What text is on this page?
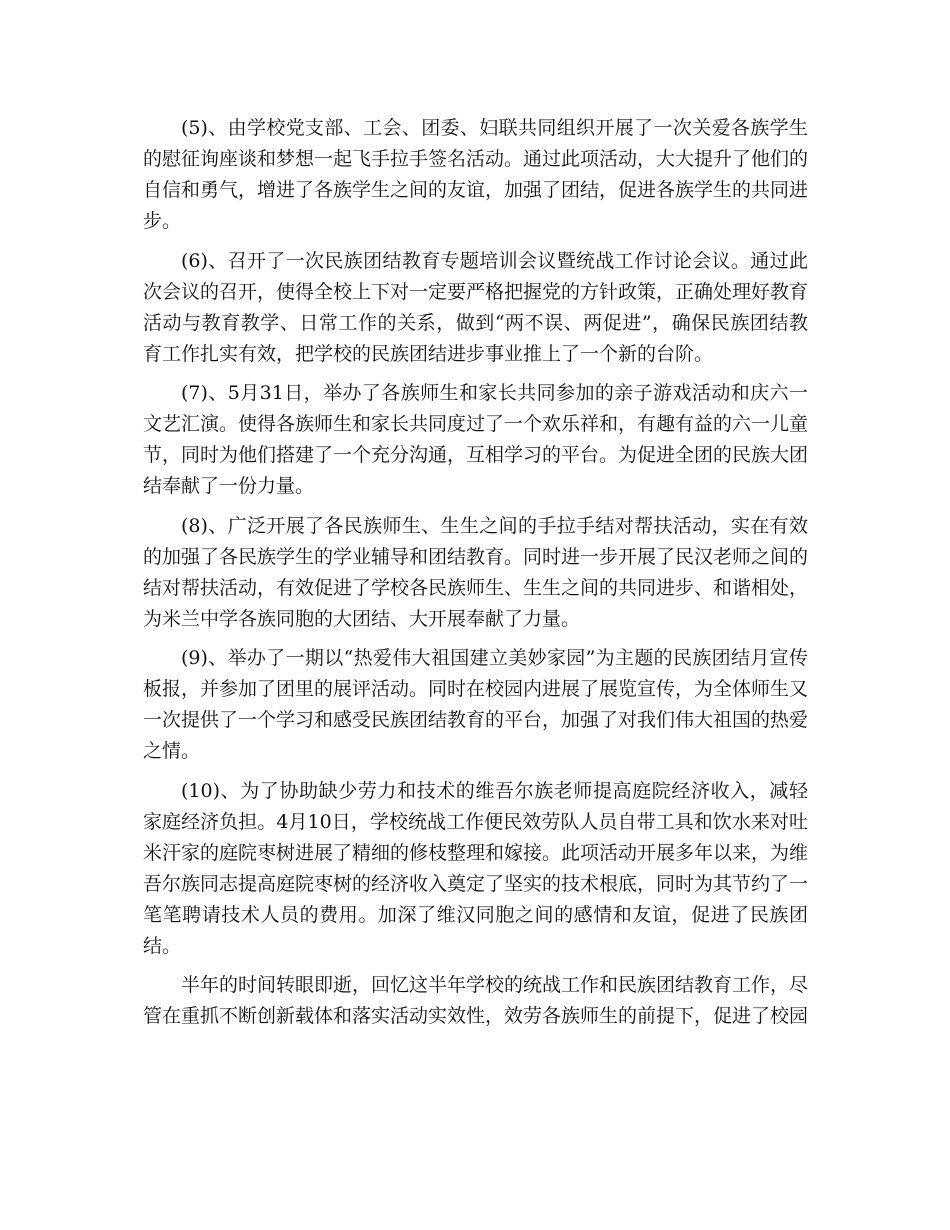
(5)、由学校党支部、工会、团委、妇联共同组织开展了一次关爱各族学生的慰征询座谈和梦想一起飞手拉手签名活动。通过此项活动，大大提升了他们的自信和勇气，增进了各族学生之间的友谊，加强了团结，促进各族学生的共同进步。

(6)、召开了一次民族团结教育专题培训会议暨统战工作讨论会议。通过此次会议的召开，使得全校上下对一定要严格把握党的方针政策，正确处理好教育活动与教育教学、日常工作的关系，做到“两不误、两促进”，确保民族团结教育工作扎实有效，把学校的民族团结进步事业推上了一个新的台阶。

(7)、5月31日，举办了各族师生和家长共同参加的亲子游戏活动和庆六一文艺汇演。使得各族师生和家长共同度过了一个欢乐祥和，有趣有益的六一儿童节，同时为他们搭建了一个充分沟通，互相学习的平台。为促进全团的民族大团结奉献了一份力量。

(8)、广泛开展了各民族师生、生生之间的手拉手结对帮扶活动，实在有效的加强了各民族学生的学业辅导和团结教育。同时进一步开展了民汉老师之间的结对帮扶活动，有效促进了学校各民族师生、生生之间的共同进步、和谐相处，为米兰中学各族同胞的大团结、大开展奉献了力量。

(9)、举办了一期以“热爱伟大祖国建立美妙家园”为主题的民族团结月宣传板报，并参加了团里的展评活动。同时在校园内进展了展览宣传，为全体师生又一次提供了一个学习和感受民族团结教育的平台，加强了对我们伟大祖国的热爱之情。

(10)、为了协助缺少劳力和技术的维吾尔族老师提高庭院经济收入，减轻家庭经济负担。4月10日，学校统战工作便民效劳队人员自带工具和饮水来对吐米汗家的庭院枣树进展了精细的修枝整理和嫁接。此项活动开展多年以来，为维吾尔族同志提高庭院枣树的经济收入奠定了坚实的技术根底，同时为其节约了一笔笔聘请技术人员的费用。加深了维汉同胞之间的感情和友谊，促进了民族团结。

半年的时间转眼即逝，回忆这半年学校的统战工作和民族团结教育工作，尽管在重抓不断创新载体和落实活动实效性，效劳各族师生的前提下，促进了校园
